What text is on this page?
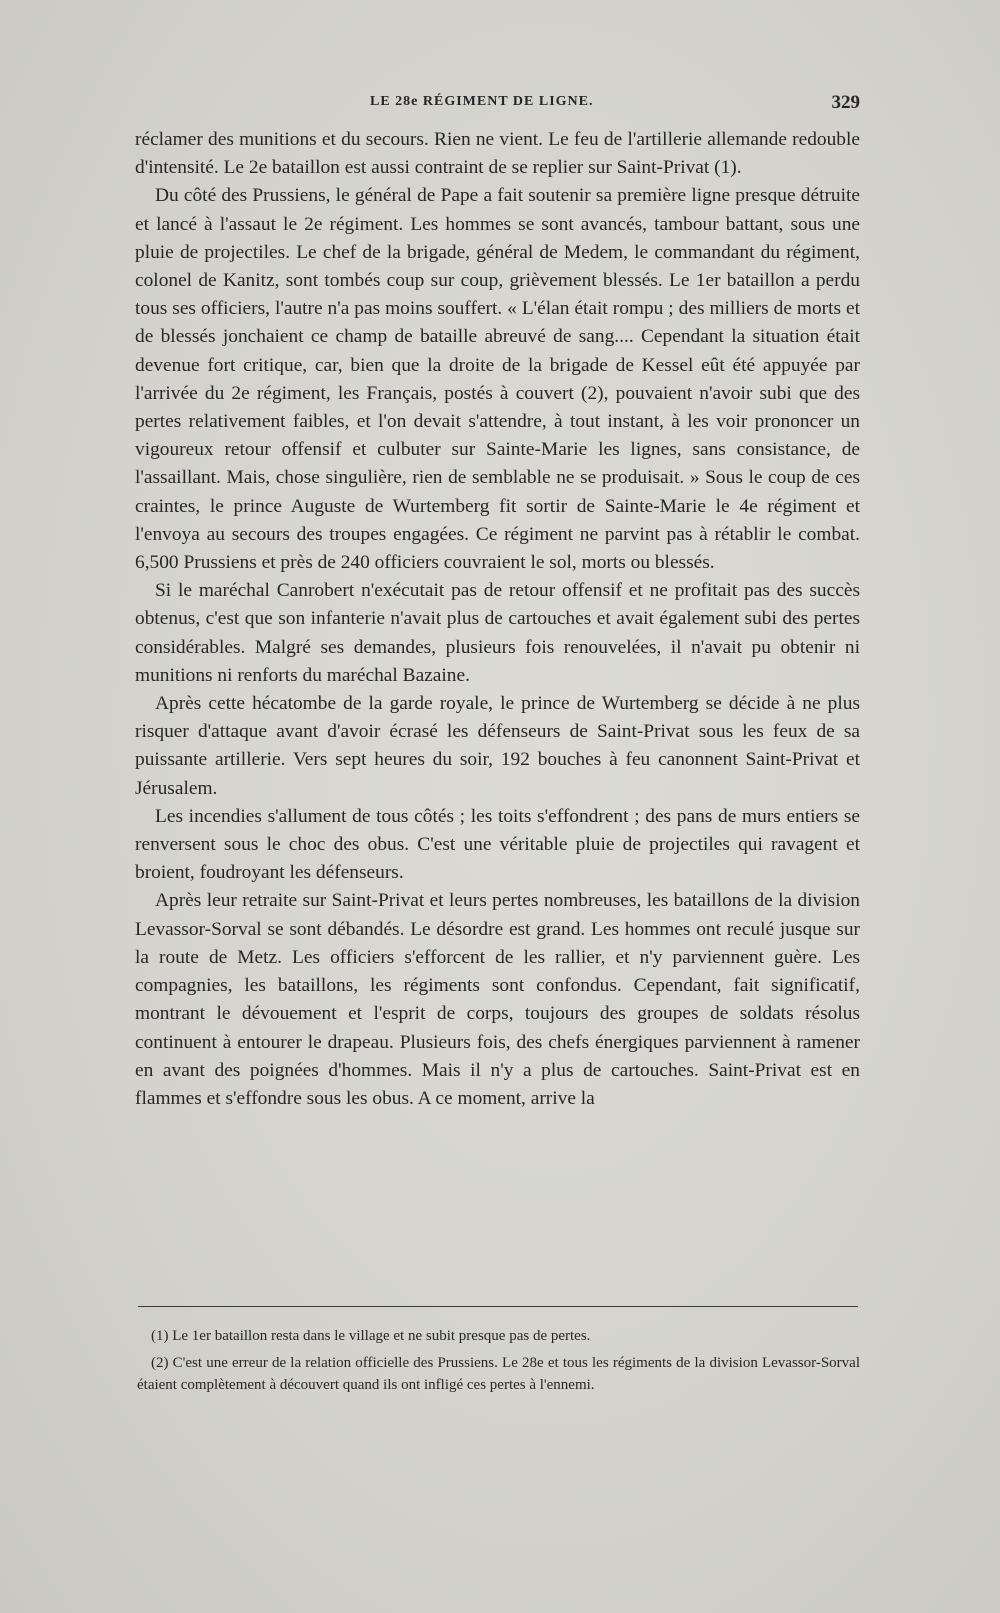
LE 28e RÉGIMENT DE LIGNE.	329

réclamer des munitions et du secours. Rien ne vient. Le feu de l'artillerie allemande redouble d'intensité. Le 2e bataillon est aussi contraint de se replier sur Saint-Privat (1).

Du côté des Prussiens, le général de Pape a fait soutenir sa première ligne presque détruite et lancé à l'assaut le 2e régiment. Les hommes se sont avancés, tambour battant, sous une pluie de projectiles. Le chef de la brigade, général de Medem, le commandant du régiment, colonel de Kanitz, sont tombés coup sur coup, grièvement blessés. Le 1er bataillon a perdu tous ses officiers, l'autre n'a pas moins souffert. « L'élan était rompu ; des milliers de morts et de blessés jonchaient ce champ de bataille abreuvé de sang.... Cependant la situation était devenue fort critique, car, bien que la droite de la brigade de Kessel eût été appuyée par l'arrivée du 2e régiment, les Français, postés à couvert (2), pouvaient n'avoir subi que des pertes relativement faibles, et l'on devait s'attendre, à tout instant, à les voir prononcer un vigoureux retour offensif et culbuter sur Sainte-Marie les lignes, sans consistance, de l'assaillant. Mais, chose singulière, rien de semblable ne se produisait. » Sous le coup de ces craintes, le prince Auguste de Wurtemberg fit sortir de Sainte-Marie le 4e régiment et l'envoya au secours des troupes engagées. Ce régiment ne parvint pas à rétablir le combat. 6,500 Prussiens et près de 240 officiers couvraient le sol, morts ou blessés.

Si le maréchal Canrobert n'exécutait pas de retour offensif et ne profitait pas des succès obtenus, c'est que son infanterie n'avait plus de cartouches et avait également subi des pertes considérables. Malgré ses demandes, plusieurs fois renouvelées, il n'avait pu obtenir ni munitions ni renforts du maréchal Bazaine.

Après cette hécatombe de la garde royale, le prince de Wurtemberg se décide à ne plus risquer d'attaque avant d'avoir écrasé les défenseurs de Saint-Privat sous les feux de sa puissante artillerie. Vers sept heures du soir, 192 bouches à feu canonnent Saint-Privat et Jérusalem.

Les incendies s'allument de tous côtés ; les toits s'effondrent ; des pans de murs entiers se renversent sous le choc des obus. C'est une véritable pluie de projectiles qui ravagent et broient, foudroyant les défenseurs.

Après leur retraite sur Saint-Privat et leurs pertes nombreuses, les bataillons de la division Levassor-Sorval se sont débandés. Le désordre est grand. Les hommes ont reculé jusque sur la route de Metz. Les officiers s'efforcent de les rallier, et n'y parviennent guère. Les compagnies, les bataillons, les régiments sont confondus. Cependant, fait significatif, montrant le dévouement et l'esprit de corps, toujours des groupes de soldats résolus continuent à entourer le drapeau. Plusieurs fois, des chefs énergiques parviennent à ramener en avant des poignées d'hommes. Mais il n'y a plus de cartouches. Saint-Privat est en flammes et s'effondre sous les obus. A ce moment, arrive la

(1) Le 1er bataillon resta dans le village et ne subit presque pas de pertes.

(2) C'est une erreur de la relation officielle des Prussiens. Le 28e et tous les régiments de la division Levassor-Sorval étaient complètement à découvert quand ils ont infligé ces pertes à l'ennemi.
